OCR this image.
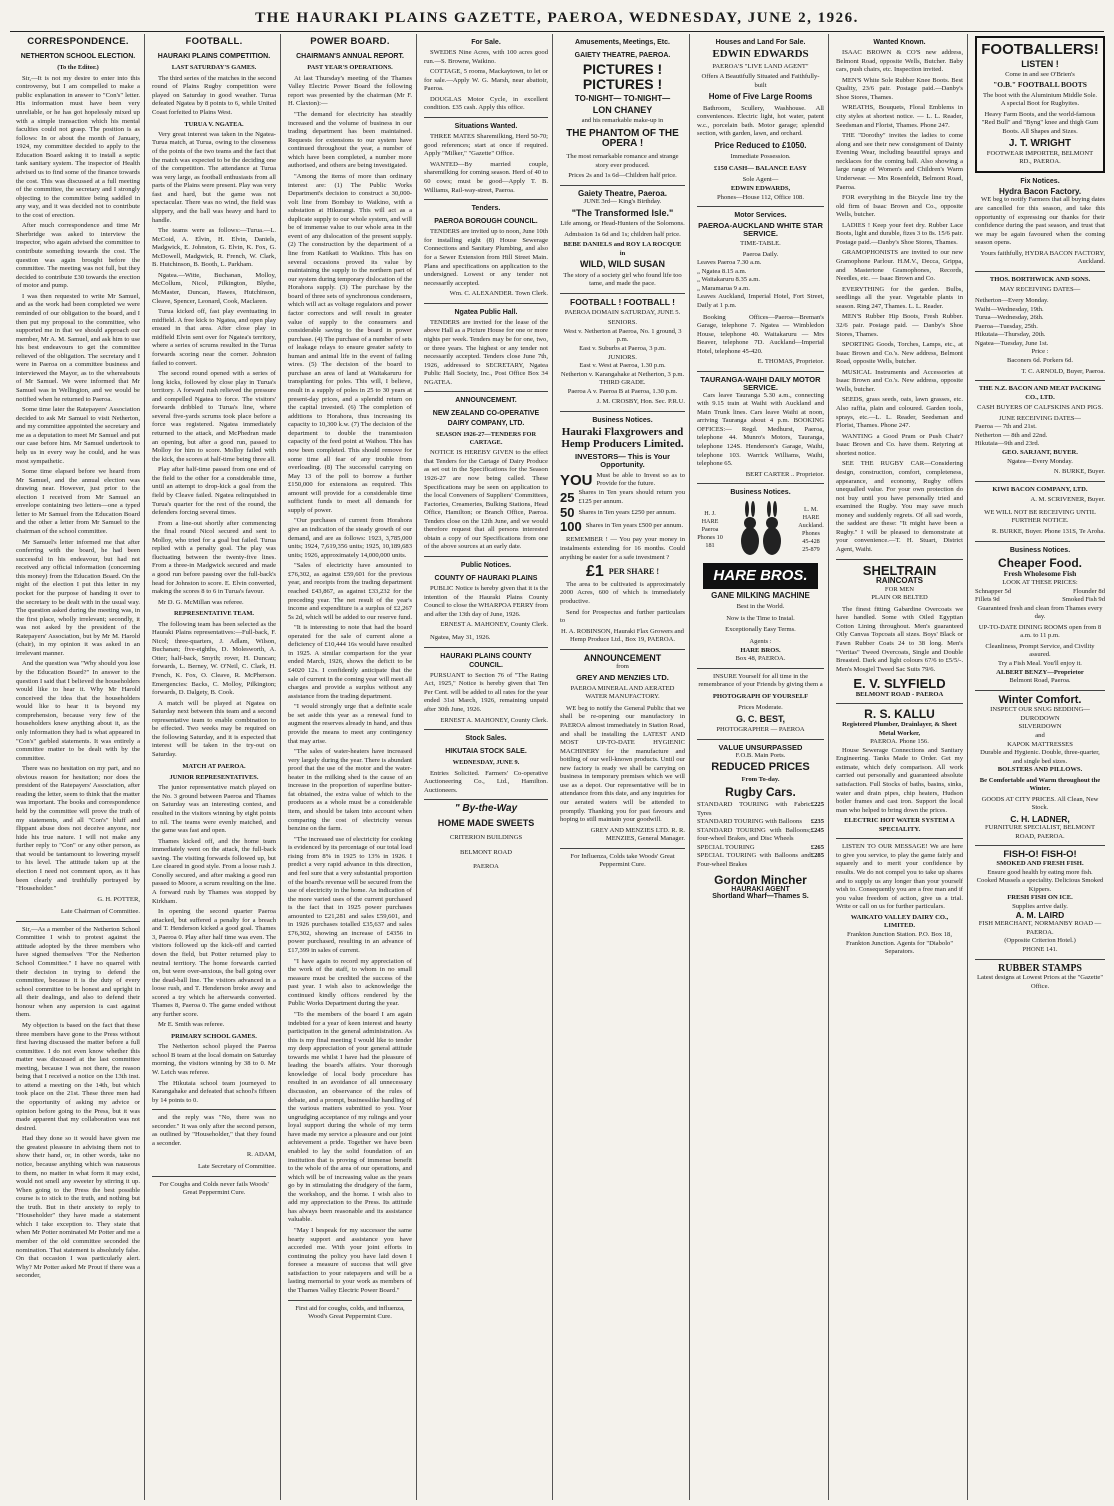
THE HAURAKI PLAINS GAZETTE, PAEROA, WEDNESDAY, JUNE 2, 1926.
CORRESPONDENCE.
NETHERTON SCHOOL ELECTION.
(To the Editor.)
Sir,—It is not my desire to enter into this controversy, but I am compelled to make a public explanation in answer to "Con's" letter. His information must have been very unreliable, or he has got hopelessly mixed up with a simple transaction which his mental faculties could not grasp. The position is as follows: In or about the month of January, 1924, my committee decided to apply to the Education Board asking it to install a septic tank sanitary system. The inspector of Health advised us to find some of the finance towards the cost. This was discussed at a full meeting of the committee, the secretary and I strongly objecting to the committee being saddled in any way, and it was decided not to contribute to the cost of erection.
After much correspondence and time Mr Sherbridge was asked to interview the inspector, who again advised the committee to contribute something towards the cost. The question was again brought before the committee. The meeting was not full, but they decided to contribute £30 towards the erection of motor and pump.
I was then requested to write Mr Samuel, and as the work had been completed we were reminded of our obligation to the board, and I then put my proposal to the committee, who supported me in that we should approach our member, Mr A. M. Samuel, and ask him to use his best endeavours to get the committee relieved of the obligation. The secretary and I were in Paeroa on a committee business and interviewed the Mayor, as to the whereabouts of Mr Samuel. We were informed that Mr Samuel was in Wellington, and we would be notified when he returned to Paeroa.
Some time later the Ratepayers' Association decided to ask Mr Samuel to visit Netherton, and my committee appointed the secretary and me as a deputation to meet Mr Samuel and put our case before him. Mr Samuel undertook to help us in every way he could, and he was most sympathetic.
Some time elapsed before we heard from Mr Samuel, and the annual election was drawing near. However, just prior to the election I received from Mr Samuel an envelope containing two letters—one a typed letter to Mr Samuel from the Education Board and the other a letter from Mr Samuel to the chairman of the school committee.
Mr Samuel's letter informed me that after conferring with the board, he had been successful in his endeavour, but had not received any official information (concerning this money) from the Education Board. On the night of the election I put this letter in my pocket for the purpose of handing it over to the secretary to be dealt with in the usual way. The question asked during the meeting was, in the first place, wholly irrelevant; secondly, it was not asked by the president of the Ratepayers' Association, but by Mr M. Harold (chair), in my opinion it was asked in an irrelevant manner.
And the question was "Why should you lose by the Education Board?" In answer to the question I said that I believed the householders would like to hear it. Why Mr Harold conceived the idea that the householders would like to hear it is beyond my comprehension, because very few of the householders knew anything about it, as the only information they had is what appeared in "Con's" garbled statements. It was entirely a committee matter to be dealt with by the committee.
There was no hesitation on my part, and no obvious reason for hesitation; nor does the president of the Ratepayers' Association, after reading the letter, seem to think that the matter was important. The books and correspondence held by the committee will prove the truth of my statements, and all "Con's" bluff and flippant abuse does not deceive anyone, nor hide his true nature. I will not make any further reply to "Con" or any other person, as that would be tantamount to lowering myself to his level. The attitude taken up at the election I need not comment upon, as it has been clearly and truthfully portrayed by "Householder."
G. H. POTTER,
Late Chairman of Committee.
Sir,—As a member of the Netherton School Committee I wish to protest against the attitude adopted by the three members who have signed themselves "For the Netherton School Committee." I have no quarrel with their decision in trying to defend the committee, because it is the duty of every school committee to be honest and upright in all their dealings, and also to defend their honour when any aspersion is cast against them.
My objection is based on the fact that these three members have gone to the Press without first having discussed the matter before a full committee. I do not even know whether this matter was discussed at the last committee meeting, because I was not there, the reason being that I received a notice on the 13th inst. to attend a meeting on the 14th, but which took place on the 21st. These three men had the opportunity of asking my advice or opinion before going to the Press, but it was made apparent that my collaboration was not desired.
Had they done so it would have given me the greatest pleasure in advising them not to show their hand, or, in other words, take no notice, because anything which was nauseous to them, no matter in what form it may exist, would not smell any sweeter by stirring it up. When going to the Press the best possible course is to stick to the truth, and nothing but the truth. But in their anxiety to reply to "Householder" they have made a statement which I take exception to. They state that when Mr Potter nominated Mr Potter and me a member of the old committee seconded the nomination. That statement is absolutely false. On that occasion I was particularly alert. Why? Mr Potter asked Mr Prout if there was a seconder,
FOOTBALL.
HAURAKI PLAINS COMPETITION.
LAST SATURDAY'S GAMES.
The third series of the matches in the second round of Plains Rugby competition were played on Saturday in good weather. Turua defeated Ngatea by 8 points to 6, while United Coast forfeited to Plains West.
TURUA V. NGATEA.
Very great interest was taken in the Ngatea-Turua match, at Turua, owing to the closeness of the points of the two teams and the fact that the match was expected to be the deciding one of the competition. The attendance at Turua was very large, as football enthusiasts from all parts of the Plains were present. Play was very fast and hard, but the game was not spectacular. There was no wind, the field was slippery, and the ball was heavy and hard to handle.
The teams were as follows:—Turua.—L. McCoid, A. Elvin, H. Elvin, Daniels, Madgwick, E. Johnston, G. Elvin, K. Fox, G. McDowell, Madgwick, R. French, W. Clark, B. Hutchinson, B. Booth, L. Parkham.
Ngatea.—Witte, Buchanan, Molloy, McCollum, Nicol, Pilkington, Blythe, McMaster, Duncan, Hawes, Hutchinson, Cleave, Spencer, Leonard, Cook, Maclaren.
Turua kicked off, fast play eventuating in midfield. A free kick to Ngatea, and open play ensued in that area. After close play in midfield Elvin sent over for Ngatea's territory, where a series of scrums resulted in the Turua forwards scoring near the corner. Johnston failed to convert.
The second round opened with a series of long kicks, followed by close play in Turua's territory. A forward rush relieved the pressure and compelled Ngatea to force. The visitors' forwards dribbled to Turua's line, where several five-yards scrums took place before a force was registered. Ngatea immediately returned to the attack, and McPhedran made an opening, but after a good run, passed to Molloy for him to score. Molloy failed with the kick, the scores at half-time being three all.
Play after half-time passed from one end of the field to the other for a considerable time, until an attempt to drop-kick a goal from the field by Cleave failed. Ngatea relinquished in Turua's quarter for the rest of the round, the defenders forcing several times.
From a line-out shortly after commencing the final round Nicol secured and sent to Molloy, who tried for a goal but failed. Turua replied with a penalty goal. The play was fluctuating between the twenty-five lines. From a three-in Madgwick secured and made a good run before passing over the full-back's head for Johnston to score. E. Elvin converted, making the scores 8 to 6 in Turua's favour.
Mr D. G. McMillan was referee.
REPRESENTATIVE TEAM.
The following team has been selected as the Hauraki Plains representatives:—Full-back, F. Nicol; three-quarters, J. Adlam, Wilson, Buchanan; five-eighths, D. Molesworth, A. Otter; half-back, Smyth; rover, H. Duncan; forwards, L. Berney, W. O'Neil, C. Clark, H. French, K. Fox, O. Cleave, R. McPherson. Emergencies: Backs, C. Molloy, Pilkington; forwards, D. Dalgety, B. Cook.
A match will be played at Ngatea on Saturday next between this team and a second representative team to enable combination to be effected. Two weeks may be required on the following Saturday, and it is expected that interest will be taken in the try-out on Saturday.
MATCH AT PAEROA.
JUNIOR REPRESENTATIVES.
The junior representative match played on the No. 3 ground between Paeroa and Thames on Saturday was an interesting contest, and resulted in the visitors winning by eight points to nil. The teams were evenly matched, and the game was fast and open.
Thames kicked off, and the home team immediately went on the attack, the full-back saving. The visiting forwards followed up, but Lee cleared in good style. From a loose rush J. Conolly secured, and after making a good run passed to Moore, a scrum resulting on the line. A forward rush by Thames was stopped by Kirkham.
In opening the second quarter Paeroa attacked, but suffered a penalty for a breach and T. Henderson kicked a good goal. Thames 3, Paeroa 0. Play after half time was even. The visitors followed up the kick-off and carried down the field, but Potter returned play to neutral territory. The home forwards carried on, but were over-anxious, the ball going over the dead-ball line. The visitors advanced in a loose rush, and T. Henderson broke away and scored a try which he afterwards converted. Thames 8, Paeroa 0. The game ended without any further score.
Mr E. Smith was referee.
PRIMARY SCHOOL GAMES.
The Netherton school played the Paeroa school B team at the local domain on Saturday morning, the visitors winning by 38 to 0. Mr W. Leich was referee.
The Hikutaia school team journeyed to Karangahake and defeated that school's fifteen by 14 points to 0.
and the reply was "No, there was no seconder." It was only after the second person, as outlined by "Householder," that they found a seconder.
R. ADAM,
Late Secretary of Committee.
For Coughs and Colds never fails Woods' Great Peppermint Cure.
POWER BOARD.
CHAIRMAN'S ANNUAL REPORT.
PAST YEAR'S OPERATIONS.
At last Thursday's meeting of the Thames Valley Electric Power Board the following report was presented by the chairman (Mr F. H. Claxton):—
"The demand for electricity has steadily increased and the volume of business in our trading department has been maintained. Requests for extensions to our system have continued throughout the year, a number of which have been completed, a number more authorised, and others are being investigated.
"Among the items of more than ordinary interest are: (1) The Public Works Department's decision to construct a 30,000-volt line from Bombay to Waikino, with a substation at Hikurangi. This will act as a duplicate supply to our whole system, and will be of immense value to our whole area in the event of any dislocation of the present supply. (2) The construction by the department of a line from Katikati to Waikino. This has on several occasions proved its value by maintaining the supply to the northern part of our system during temporary dislocation of the Horahora supply. (3) The purchase by the board of three sets of synchronous condensers, which will act as voltage regulators and power factor correctors and will result in greater value of supply to the consumers and considerable saving to the board in power purchase. (4) The purchase of a number of sets of leakage relays to ensure greater safety to human and animal life in the event of failing wires. (5) The decision of the board to purchase an area of land at Waitakaruru for transplanting for poles. This will, I believe, result in a supply of poles in 25 to 30 years at present-day prices, and a splendid return on the capital invested. (6) The completion of additions to Horahora, thus increasing its capacity to 10,300 k.w. (7) The decision of the department to double the transmission capacity of the feed point at Waihou. This has now been completed. This should remove for some time all fear of any trouble from overloading. (8) The successful carrying on May 13 of the poll to borrow a further £150,000 for extensions as required. This amount will provide for a considerable time sufficient funds to meet all demands for supply of power.
"Our purchases of current from Horahora give an indication of the steady growth of our demand, and are as follows: 1923, 3,785,000 units; 1924, 7,619,356 units; 1925, 10,189,683 units; 1926, approximately 14,000,000 units.
"Sales of electricity have amounted to £76,302, as against £59,601 for the previous year, and receipts from the trading department reached £43,867, as against £33,232 for the preceding year. The net result of the year's income and expenditure is a surplus of £2,267 5s 2d, which will be added to our reserve fund.
"It is interesting to note that had the board operated for the sale of current alone a deficiency of £10,444 16s would have resulted in 1925. A similar comparison for the year ended March, 1926, shows the deficit to be £4020 12s. I confidently anticipate that the sale of current in the coming year will meet all charges and provide a surplus without any assistance from the trading department.
"I would strongly urge that a definite scale be set aside this year as a renewal fund to augment the reserves already in hand, and thus provide the means to meet any contingency that may arise.
"The sales of water-heaters have increased very largely during the year. There is abundant proof that the use of the motor and the water-heater in the milking shed is the cause of an increase in the proportion of superfine butter-fat obtained, the extra value of which to the producers as a whole must be a considerable item, and should be taken into account when comparing the cost of electricity versus benzine on the farm.
"The increased use of electricity for cooking is evidenced by its percentage of our total load rising from 8% in 1925 to 13% in 1926. I predict a very rapid advance in this direction, and feel sure that a very substantial proportion of the board's revenue will be secured from the use of electricity in the home. An indication of the more varied uses of the current purchased is the fact that in 1925 power purchases amounted to £21,281 and sales £59,601, and in 1926 purchases totalled £35,637 and sales £76,302, showing an increase of £4356 in power purchased, resulting in an advance of £17,399 in sales of current.
"I have again to record my appreciation of the work of the staff, to whom in no small measure must be credited the success of the past year. I wish also to acknowledge the continued kindly offices rendered by the Public Works Department during the year.
"To the members of the board I am again indebted for a year of keen interest and hearty participation in the general administration. As this is my final meeting I would like to tender my deep appreciation of your general attitude towards me whilst I have had the pleasure of leading the board's affairs. Your thorough knowledge of local body procedure has resulted in an avoidance of all unnecessary discussion, an observance of the rules of debate, and a prompt, businesslike handling of the various matters submitted to you. Your ungrudging acceptance of my rulings and your loyal support during the whole of my term have made my service a pleasure and our joint achievement a pride. Together we have been enabled to lay the solid foundation of an institution that is proving of immense benefit to the whole of the area of our operations, and which will be of increasing value as the years go by in stimulating the drudgery of the farm, the workshop, and the home. I wish also to add my appreciation to the Press. Its attitude has always been reasonable and its assistance valuable.
"May I bespeak for my successor the same hearty support and assistance you have accorded me. With your joint efforts in continuing the policy you have laid down I foresee a measure of success that will give satisfaction to your ratepayers and will be a lasting memorial to your work as members of the Thames Valley Electric Power Board."
First aid for coughs, colds, and influenza, Wood's Great Peppermint Cure.
For Sale.
SWEDES Nine Acres, with 100 acres good run.—S. Browne, Waikino.
COTTAGE, 5 rooms, Mackaytown, to let or for sale.—Apply W. G. Marsh, near abattoir, Paeroa.
DOUGLAS Motor Cycle, in excellent condition. £35 cash. Apply this office.
Situations Wanted.
THREE MATES Sharemilking, Herd 50-70; good references; start at once if required. Apply "Milker," "Gazette" Office.
WANTED—By married couple, sharemilking for coming season. Herd of 40 to 60 cows; must be good—Apply T. B. Williams, Rail-way-street, Paeroa.
Tenders.
PAEROA BOROUGH COUNCIL.
TENDERS are invited up to noon, June 10th for installing eight (8) House Sewerage Connections and Sanitary Plumbing, and also for a Sewer Extension from Hill Street Main. Plans and specifications on application to the undersigned. Lowest or any tender not necessarily accepted.
Wm. C. ALEXANDER. Town Clerk.
Ngatea Public Hall.
TENDERS are invited for the lease of the above Hall as a Picture House for one or more nights per week. Tenders may be for one, two, or three years. The highest or any tender not necessarily accepted. Tenders close June 7th, 1926, addressed to SECRETARY, Ngatea Public Hall Society, Inc., Post Office Box 34 NGATEA.
ANNOUNCEMENT.
NEW ZEALAND CO-OPERATIVE DAIRY COMPANY, LTD.
SEASON 1926-27—TENDERS FOR CARTAGE.
NOTICE IS HEREBY GIVEN to the effect that Tenders for the Cartage of Dairy Produce as set out in the Specifications for the Season 1926-27 are now being called. These Specifications may be seen on application to the local Conveners of Suppliers' Committees, Factories, Creameries, Bulking Stations, Head Office, Hamilton; or Branch Office, Paeroa. Tenders close on the 12th June, and we would therefore request that all persons interested obtain a copy of our Specifications from one of the above sources at an early date.
Public Notices.
COUNTY OF HAURAKI PLAINS
PUBLIC Notice is hereby given that it is the intention of the Hauraki Plains County Council to close the WHARPOA FERRY from and after the 13th day of June, 1926.
ERNEST A. MAHONEY, County Clerk.
Ngatea, May 31, 1926.
HAURAKI PLAINS COUNTY COUNCIL.
PURSUANT to Section 76 of "The Rating Act, 1925," Notice is hereby given that Ten Per Cent. will be added to all rates for the year ended 31st March, 1926, remaining unpaid after 30th June, 1926.
ERNEST A. MAHONEY, County Clerk.
Stock Sales.
HIKUTAIA STOCK SALE.
WEDNESDAY, JUNE 9.
Entries Solicited. Farmers' Co-operative Auctioneering Co., Ltd., Hamilton. Auctioneers.
" By-the-Way
HOME MADE SWEETS
CRITERION BUILDINGS
BELMONT ROAD
PAEROA
Amusements, Meetings, Etc.
GAIETY THEATRE, PAEROA.
PICTURES !
PICTURES !
TO-NIGHT— TO-NIGHT—
LON CHANEY
and his remarkable make-up in
THE PHANTOM OF THE OPERA !
The most remarkable romance and strange story ever produced.
Prices 2s and 1s 6d—Children half price.
Gaiety Theatre, Paeroa.
JUNE 3rd— King's Birthday.
"The Transformed Isle."
Life among, or Head-Hunters of the Solomons.
Admission 1s 6d and 1s; children half price.
BEBE DANIELS and ROY LA ROCQUE in
WILD, WILD SUSAN
The story of a society girl who found life too tame, and made the pace.
FOOTBALL ! FOOTBALL !
PAEROA DOMAIN SATURDAY, JUNE 5.
SENIORS.
West v. Netherton at Paeroa, No. 1 ground, 3 p.m.
East v. Suburbs at Paeroa, 3 p.m.
JUNIORS.
East v. West at Paeroa, 1.30 p.m.
Netherton v. Karangahake at Netherton, 3 p.m.
THIRD GRADE.
Paeroa A v. Paeroa B at Paeroa, 1.30 p.m.
J. M. CROSBY, Hon. Sec. P.R.U.
Business Notices.
Hauraki Flaxgrowers and Hemp Producers Limited.
INVESTORS— This is Your Opportunity.
YOU Must be able to Invest so as to Provide for the future.
25 Shares in Ten years should return you £125 per annum.
50 Shares in Ten years £250 per annum.
100 Shares in Ten years £500 per annum.
REMEMBER ! — You pay your money in instalments extending for 16 months. Could anything be easier for a safe investment ?
£1 PER SHARE !
The area to be cultivated is approximately 2000 Acres, 600 of which is immediately productive.
Send for Prospectus and further particulars to
H. A. ROBINSON, Hauraki Flax Growers and Hemp Produce Ltd., Box 19, PAEROA.
ANNOUNCEMENT
from
GREY AND MENZIES LTD.
PAEROA MINERAL AND AERATED WATER MANUFACTORY.
WE beg to notify the General Public that we shall be re-opening our manufactory in PAEROA almost immediately in Station Road, and shall be installing the LATEST AND MOST UP-TO-DATE HYGIENIC MACHINERY for the manufacture and bottling of our well-known products. Until our new factory is ready we shall be carrying on business in temporary premises which we will use as a depot. Our representative will be in attendance from this date, and any inquiries for our aerated waters will be attended to promptly. Thanking you for past favours and hoping to still maintain your goodwill.
GREY AND MENZIES LTD. R. R. MENZIES, General Manager.
For Influenza, Colds take Woods' Great Peppermint Cure.
Houses and Land For Sale.
EDWIN EDWARDS
PAEROA'S "LIVE LAND AGENT"
Offers A Beautifully Situated and Faithfully-built
Home of Five Large Rooms
Bathroom, Scullery, Washhouse. All conveniences. Electric light, hot water, patent w.c., porcelain bath. Motor garage; splendid section, with garden, lawn, and orchard.
Price Reduced to £1050.
Immediate Possession.
£150 CASH— BALANCE EASY
Sole Agent—
EDWIN EDWARDS,
Phones—House 112, Office 108.
Motor Services.
PAEROA-AUCKLAND WHITE STAR SERVICE.
TIME-TABLE.
Paeroa Daily.
Leaves Paeroa 7.30 a.m.
„ Ngatea 8.15 a.m.
„ Waitakaruru 8.35 a.m.
„ Maramarua 9 a.m.
Leaves Auckland, Imperial Hotel, Fort Street, Daily at 1 p.m.
Booking Offices—Paeroa—Breman's Garage, telephone 7. Ngatea — Wimbledon House, telephone 40. Waitakaruru — Mrs Beaver, telephone 7D. Auckland—Imperial Hotel, telephone 45-420.
E. THOMAS, Proprietor.
TAURANGA-WAIHI DAILY MOTOR SERVICE.
Cars leave Tauranga 5.30 a.m., connecting with 9.15 train at Waihi with Auckland and Main Trunk lines. Cars leave Waihi at noon, arriving Tauranga about 4 p.m. BOOKING OFFICES:— Regd. Medhurst, Paeroa, telephone 44. Munro's Motors, Tauranga, telephone 124S. Henderson's Garage, Waihi, telephone 103. Warrick Williams, Waihi, telephone 65.
BERT CARTER .. Proprietor.
Business Notices.
H. J. HARE Paeroa Phones 10 181
L. M. HARE Auckland. Phones 45-428 25-879
HARE BROS.
GANE MILKING MACHINE
Best in the World.
Now is the Time to Instal.
Exceptionally Easy Terms.
Agents :
HARE BROS.
Box 48, PAEROA.
INSURE Yourself for all time in the remembrance of your Friends by giving them a
PHOTOGRAPH OF YOURSELF
Prices Moderate.
G. C. BEST,
PHOTOGRAPHER — PAEROA
VALUE UNSURPASSED
F.O.B. Main Ports.
REDUCED PRICES
From To-day.
Rugby Cars.
STANDARD TOURING with Fabric Tyres
£225
STANDARD TOURING with Balloons £235
STANDARD TOURING with Balloons; four-wheel Brakes, and Disc Wheels
£245
SPECIAL TOURING	£265
SPECIAL TOURING with Balloons and Four-wheel Brakes
£285
Gordon Mincher
HAURAKI AGENT
Shortland Wharf—Thames S.
Wanted Known.
ISAAC BROWN & CO'S new address, Belmont Road, opposite Wells, Butcher. Baby cars, push chairs, etc. Inspection invited.
MEN'S White Sole Rubber Knee Boots. Best Quality, 23/6 pair. Postage paid.—Danby's Shoe Stores, Thames.
WREATHS, Bouquets, Floral Emblems in city styles at shortest notice. — L. L. Reader, Seedsman and Florist, Thames. Phone 247.
THE "Dorothy" invites the ladies to come along and see their new consignment of Dainty Evening Wear, including beautiful sprays and necklaces for the coming ball. Also showing a large range of Women's and Children's Warm Underwear. — Mrs Rosenfeldt, Belmont Road, Paeroa.
FOR everything in the Bicycle line try the old firm of Isaac Brown and Co., opposite Wells, butcher.
LADIES ! Keep your feet dry. Rubber Lace Boots, light and durable, fizes 3 to 8s. 15/6 pair. Postage paid.—Danby's Shoe Stores, Thames.
GRAMOPHONISTS are invited to our new Gramophone Parlour. H.M.V., Decca, Grippa, and Mastertone Gramophones, Records, Needles, etc. — Isaac Brown and Co.
EVERYTHING for the garden. Bulbs, seedlings all the year. Vegetable plants in season. Ring 247, Thames. L. L. Reader.
MEN'S Rubber Hip Boots, Fresh Rubber. 32/6 pair. Postage paid. — Danby's Shoe Stores, Thames.
SPORTING Goods, Torches, Lamps, etc., at Isaac Brown and Co.'s. New address, Belmont Road, opposite Wells, butcher.
MUSICAL Instruments and Accessories at Isaac Brown and Co.'s. New address, opposite Wells, butcher.
SEEDS, grass seeds, oats, lawn grasses, etc. Also raffia, plain and coloured. Garden tools, sprays, etc.—L. L. Reader, Seedsman and Florist, Thames. Phone 247.
WANTING a Good Pram or Push Chair? Isaac Brown and Co. have them. Retyring at shortest notice.
SEE THE RUGBY CAR—Considering design, construction, comfort, completeness, appearance, and economy, Rugby offers unequalled value. For your own protection do not buy until you have personally tried and examined the Rugby. You may save much money and suddenly regrets. Of all sad words, the saddest are these: "It might have been a Rugby." I will be pleased to demonstrate at your convenience.—T. H. Stuart, District Agent, Waihi.
SHELTRAIN
RAINCOATS
FOR MEN
PLAIN OR BELTED
The finest fitting Gabardine Overcoats we have handled. Some with Oiled Egyptian Cotton Lining throughout. Men's guaranteed Oily Canvas Topcoats all sizes. Boys' Black or Fawn Rubber Coats 24 to 38 long. Men's "Veritas" Tweed Overcoats, Single and Double Breasted. Dark and light colours 67/6 to £5/5/-. Men's Mosgiel Tweed Sac Suits 79/6.
E. V. SLYFIELD
BELMONT ROAD - PAEROA
R. S. KALLU
Registered Plumber, Drainlayer, & Sheet Metal Worker,
PAEROA. Phone 156.
House Sewerage Connections and Sanitary Engineering. Tanks Made to Order. Get my estimate, which defy comparison. All work carried out personally and guaranteed absolute satisfaction. Full Stocks of baths, basins, sinks, water and drain pipes, chip heaters, Hudson boiler frames and cast iron. Support the local man who helped to bring down the prices.
ELECTRIC HOT WATER SYSTEM A SPECIALITY.
LISTEN TO OUR MESSAGE! We are here to give you service, to play the game fairly and squarely and to merit your confidence by results. We do not compel you to take up shares and to supply us any longer than your yourself wish to. Consequently you are a free man and if you value freedom of action, give us a trial. Write or call on us for further particulars.
WAIKATO VALLEY DAIRY CO., LIMITED.
Frankton Junction Station. P.O. Box 18, Frankton Junction. Agents for "Diabolo" Separators.
FOOTBALLERS!
LISTEN !
Come in and see O'Brien's
"O.B." FOOTBALL BOOTS
The boot with the Aluminium Middle Sole. A special Boot for Rugbyites.
Heavy Farm Boots, and the world-famous "Red Bull" and "Byng" knee and thigh Gum Boots. All Shapes and Sizes.
J. T. WRIGHT
FOOTWEAR IMPORTER, BELMONT RD., PAEROA.
Fix Notices.
Hydra Bacon Factory.
WE beg to notify Farmers that all buying dates are cancelled for this season, and take this opportunity of expressing our thanks for their confidence during the past season, and trust that we may be again favoured when the coming season opens.
Yours faithfully, HYDRA BACON FACTORY, Auckland.
THOS. BORTHWICK AND SONS.
MAY RECEIVING DATES—
Netherton—Every Monday.
Waihi—Wednesday, 19th.
Turua—Wednesday, 26th.
Paeroa—Tuesday, 25th.
Hikutaia—Thursday, 20th.
Ngatea—Tuesday, June 1st.
Price :
Baconers 6d. Porkers 6d.
T. C. ARNOLD, Buyer, Paeroa.
THE N.Z. BACON AND MEAT PACKING CO., LTD.
CASH BUYERS OF CALFSKINS AND PIGS.
JUNE RECEIVING DATES—
Paeroa — 7th and 21st.
Netherton — 8th and 22nd.
Hikutaia—9th and 23rd.
GEO. SARJANT, BUYER.
Ngatea—Every Monday.
N. BURKE, Buyer.
KIWI BACON COMPANY, LTD.
A. M. SCRIVENER, Buyer.
WE WILL NOT BE RECEIVING UNTIL FURTHER NOTICE.
R. BURKE, Buyer. Phone 131S, Te Aroha.
Business Notices.
Cheaper Food.
Fresh Wholesome Fish
LOOK AT THESE PRICES:
Schnapper 5d	Flounder 8d
Fillets 9d	Smoked Fish 9d
Guaranteed fresh and clean from Thames every day.
UP-TO-DATE DINING ROOMS open from 8 a.m. to 11 p.m.
Cleanliness, Prompt Service, and Civility assured.
Try a Fish Meal. You'll enjoy it.
ALBERT BENZY—Proprietor
Belmont Road, Paeroa.
Winter Comfort.
INSPECT OUR SNUG BEDDING—
DURODOWN
SILVERDOWN
and
KAPOK MATTRESSES
Durable and Hygienic. Double, three-quarter, and single bed sizes.
BOLSTERS AND PILLOWS.
Be Comfortable and Warm throughout the Winter.
GOODS AT CITY PRICES. All Clean, New Stock.
C. H. LADNER,
FURNITURE SPECIALIST, BELMONT ROAD, PAEROA.
FISH-O! FISH-O!
SMOKED AND FRESH FISH.
Ensure good health by eating more fish.
Cooked Mussels a speciality. Delicious Smoked Kippers.
FRESH FISH ON ICE.
Supplies arrive daily.
A. M. LAIRD
FISH MERCHANT, NORMANBY ROAD — PAEROA.
(Opposite Criterion Hotel.)
PHONE 141.
RUBBER STAMPS
Latest designs at Lowest Prices at the "Gazette" Office.
